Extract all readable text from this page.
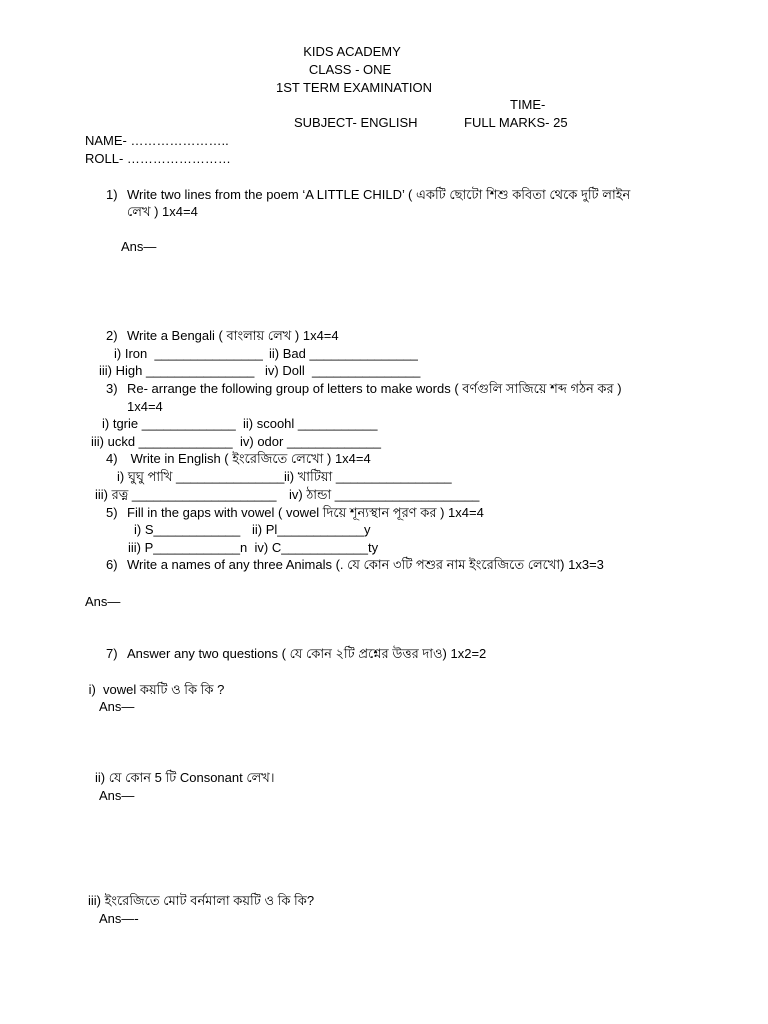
KIDS ACADEMY
CLASS - ONE
1ST TERM EXAMINATION
TIME-
SUBJECT- ENGLISH	FULL MARKS- 25
NAME- …………………..
ROLL- ……………………
1) Write two lines from the poem ‘A LITTLE CHILD’ ( একটি ছোটো শিশু কবিতা থেকে দুটি লাইন
লেখ ) 1x4=4
Ans—
2) Write a Bengali ( বাংলায় লেখ ) 1x4=4
i) Iron  _______________ ii) Bad _______________
iii) High _______________ iv) Doll  _______________
3) Re- arrange the following group of letters to make words ( বর্ণগুলি সাজিয়ে শব্দ গঠন কর )
1x4=4
i) tgrie _____________ ii) scoohl ___________
iii) uckd _____________ iv) odor _____________
4) Write in English ( ইংরেজিতে লেখো ) 1x4=4
i) ঘুঘু পাখি _______________ ii) খাটিয়া ________________
iii) রত্ন ____________________ iv) ঠান্ডা ____________________
5) Fill in the gaps with vowel ( vowel দিয়ে শূন্যস্থান পূরণ কর ) 1x4=4
i) S____________ ii) Pl____________y
iii) P____________n  iv) C____________ty
6) Write a names of any three Animals (. যে কোন ৩টি পশুর নাম ইংরেজিতে লেখো) 1x3=3
Ans—
7) Answer any two questions ( যে কোন ২টি প্রশ্নের উত্তর দাও) 1x2=2
i)  vowel কয়টি ও কি কি ?
Ans—
ii) যে কোন 5 টি Consonant লেখ।
Ans—
iii) ইংরেজিতে মোট বর্নমালা কয়টি ও কি কি?
Ans—-
